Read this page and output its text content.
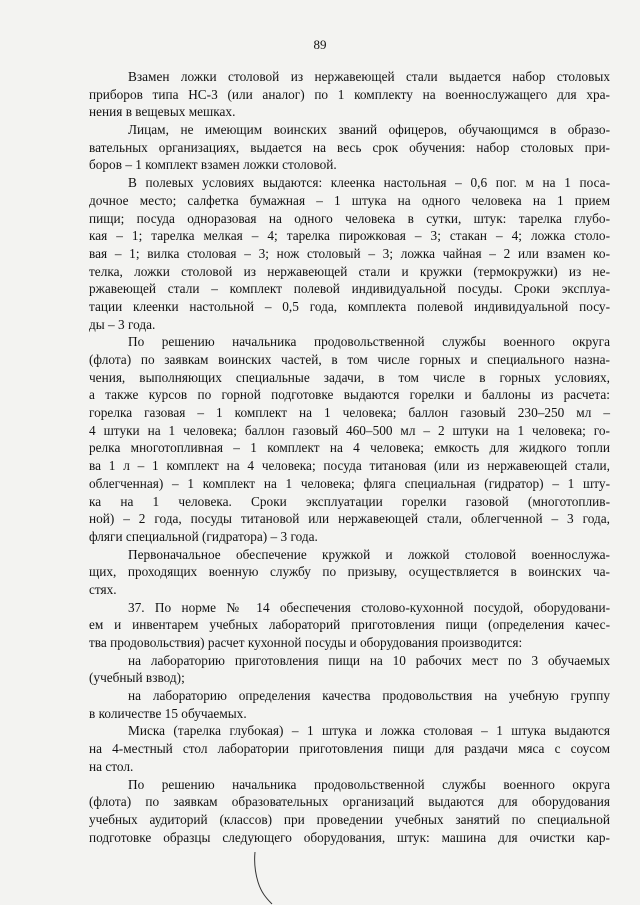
89
Взамен ложки столовой из нержавеющей стали выдается набор столовых
приборов типа НС-3 (или аналог) по 1 комплекту на военнослужащего для хра-
нения в вещевых мешках.
Лицам, не имеющим воинских званий офицеров, обучающимся в образо-
вательных организациях, выдается на весь срок обучения: набор столовых при-
боров – 1 комплект взамен ложки столовой.
В полевых условиях выдаются: клеенка настольная – 0,6 пог. м на 1 поса-
дочное место; салфетка бумажная – 1 штука на одного человека на 1 прием
пищи; посуда одноразовая на одного человека в сутки, штук: тарелка глубо-
кая – 1; тарелка мелкая – 4; тарелка пирожковая – 3; стакан – 4; ложка столо-
вая – 1; вилка столовая – 3; нож столовый – 3; ложка чайная – 2 или взамен ко-
телка, ложки столовой из нержавеющей стали и кружки (термокружки) из не-
ржавеющей стали – комплект полевой индивидуальной посуды. Сроки эксплуа-
тации клеенки настольной – 0,5 года, комплекта полевой индивидуальной посу-
ды – 3 года.
По решению начальника продовольственной службы военного округа
(флота) по заявкам воинских частей, в том числе горных и специального назна-
чения, выполняющих специальные задачи, в том числе в горных условиях,
а также курсов по горной подготовке выдаются горелки и баллоны из расчета:
горелка газовая – 1 комплект на 1 человека; баллон газовый 230–250 мл –
4 штуки на 1 человека; баллон газовый 460–500 мл – 2 штуки на 1 человека; го-
релка многотопливная – 1 комплект на 4 человека; емкость для жидкого топли
ва 1 л – 1 комплект на 4 человека; посуда титановая (или из нержавеющей стали,
облегченная) – 1 комплект на 1 человека; фляга специальная (гидратор) – 1 шту-
ка на 1 человека. Сроки эксплуатации горелки газовой (многотоплив-
ной) – 2 года, посуды титановой или нержавеющей стали, облегченной – 3 года,
фляги специальной (гидратора) – 3 года.
Первоначальное обеспечение кружкой и ложкой столовой военнослужа-
щих, проходящих военную службу по призыву, осуществляется в воинских ча-
стях.
37. По норме № 14 обеспечения столово-кухонной посудой, оборудовани-
ем и инвентарем учебных лабораторий приготовления пищи (определения качес-
тва продовольствия) расчет кухонной посуды и оборудования производится:
на лабораторию приготовления пищи на 10 рабочих мест по 3 обучаемых
(учебный взвод);
на лабораторию определения качества продовольствия на учебную группу
в количестве 15 обучаемых.
Миска (тарелка глубокая) – 1 штука и ложка столовая – 1 штука выдаются
на 4-местный стол лаборатории приготовления пищи для раздачи мяса с соусом
на стол.
По решению начальника продовольственной службы военного округа
(флота) по заявкам образовательных организаций выдаются для оборудования
учебных аудиторий (классов) при проведении учебных занятий по специальной
подготовке образцы следующего оборудования, штук: машина для очистки кар-
